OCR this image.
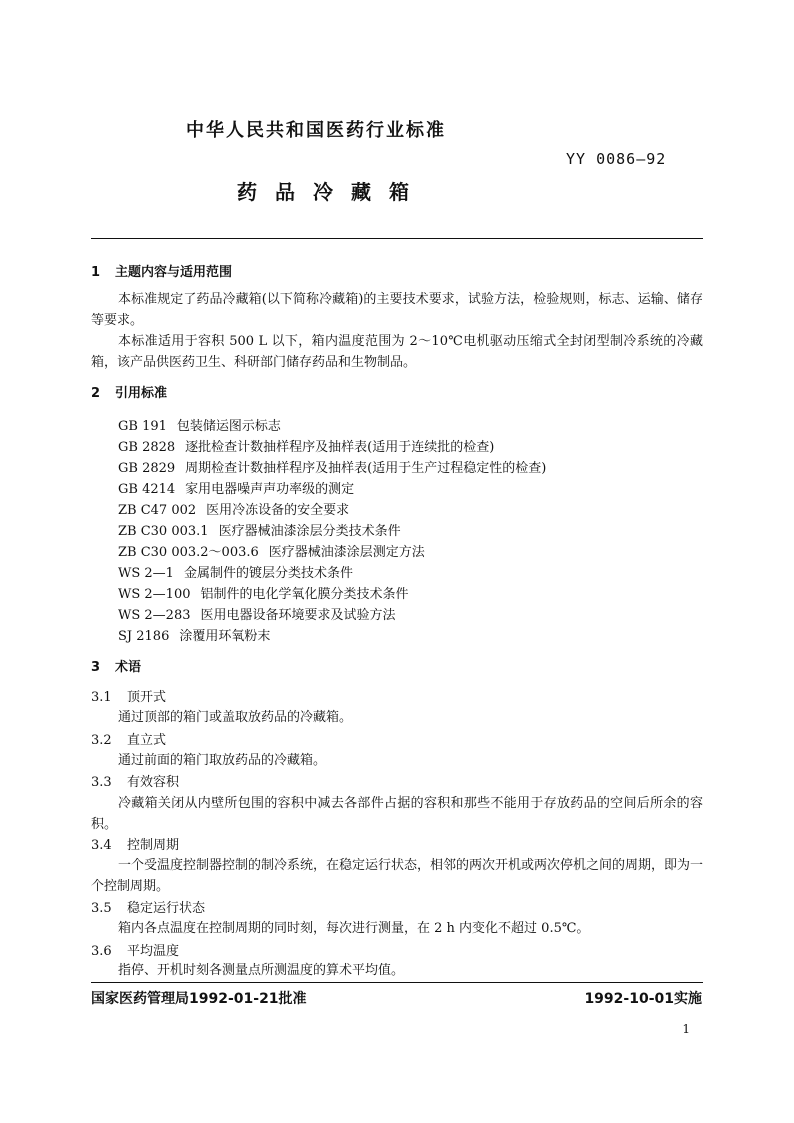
中华人民共和国医药行业标准
YY 0086—92
药品冷藏箱
1 主题内容与适用范围
本标准规定了药品冷藏箱(以下简称冷藏箱)的主要技术要求，试验方法，检验规则，标志、运输、储存等要求。
本标准适用于容积 500 L 以下，箱内温度范围为 2～10℃电机驱动压缩式全封闭型制冷系统的冷藏箱，该产品供医药卫生、科研部门储存药品和生物制品。
2 引用标准
GB 191 包装储运图示标志
GB 2828 逐批检查计数抽样程序及抽样表(适用于连续批的检查)
GB 2829 周期检查计数抽样程序及抽样表(适用于生产过程稳定性的检查)
GB 4214 家用电器噪声声功率级的测定
ZB C47 002 医用冷冻设备的安全要求
ZB C30 003.1 医疗器械油漆涂层分类技术条件
ZB C30 003.2～003.6 医疗器械油漆涂层测定方法
WS 2—1 金属制件的镀层分类技术条件
WS 2—100 铝制件的电化学氧化膜分类技术条件
WS 2—283 医用电器设备环境要求及试验方法
SJ 2186 涂覆用环氧粉末
3 术语
3.1 顶开式
通过顶部的箱门或盖取放药品的冷藏箱。
3.2 直立式
通过前面的箱门取放药品的冷藏箱。
3.3 有效容积
冷藏箱关闭从内壁所包围的容积中减去各部件占据的容积和那些不能用于存放药品的空间后所余的容积。
3.4 控制周期
一个受温度控制器控制的制冷系统，在稳定运行状态，相邻的两次开机或两次停机之间的周期，即为一个控制周期。
3.5 稳定运行状态
箱内各点温度在控制周期的同时刻，每次进行测量，在 2 h 内变化不超过 0.5℃。
3.6 平均温度
指停、开机时刻各测量点所测温度的算术平均值。
国家医药管理局1992-01-21批准	1992-10-01实施
1
